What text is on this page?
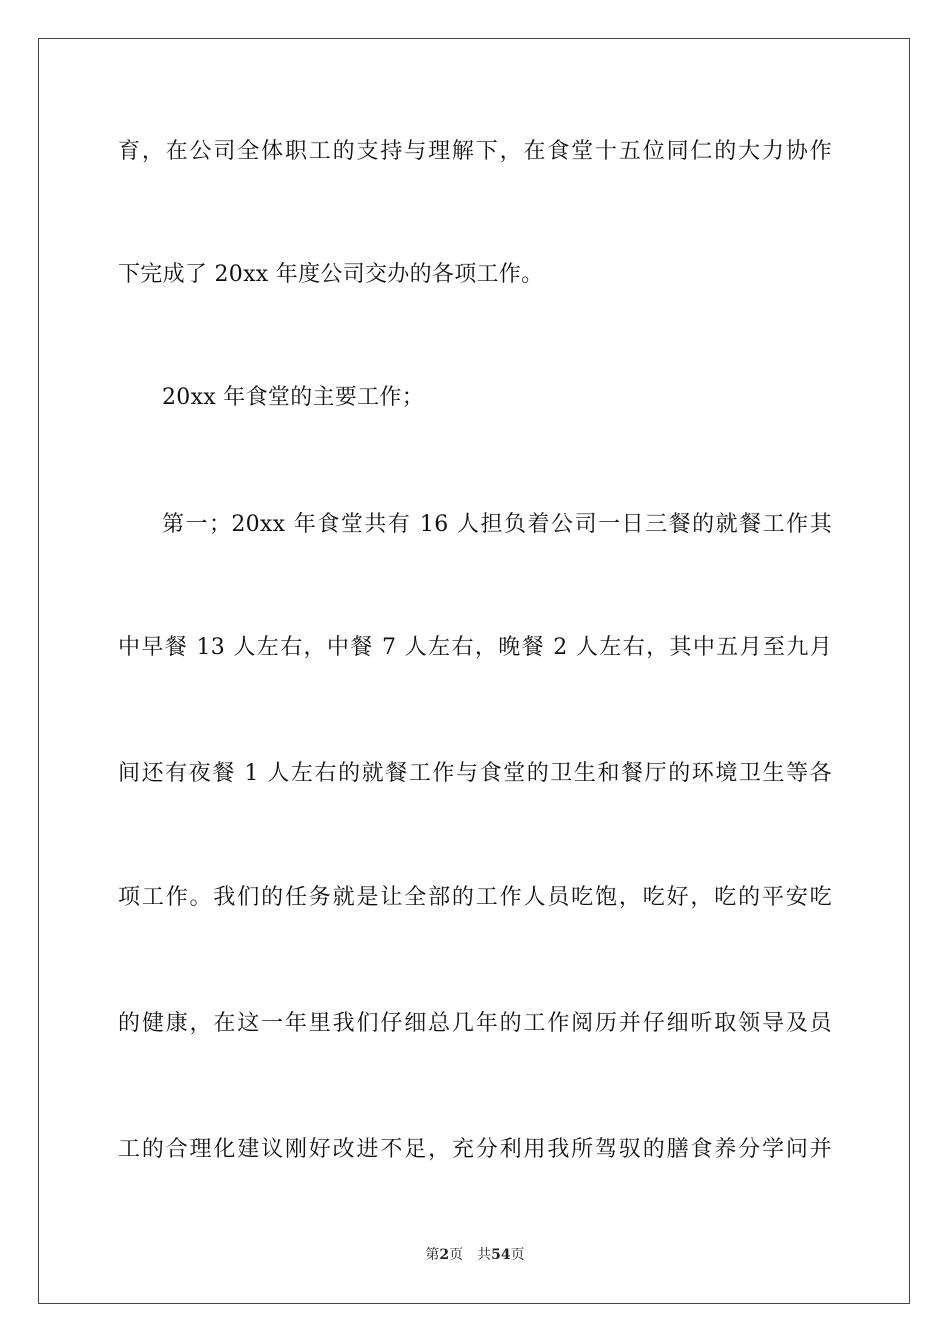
育，在公司全体职工的支持与理解下，在食堂十五位同仁的大力协作
下完成了 20xx 年度公司交办的各项工作。
20xx 年食堂的主要工作；
第一；20xx 年食堂共有 16 人担负着公司一日三餐的就餐工作其
中早餐 13 人左右，中餐 7 人左右，晚餐 2 人左右，其中五月至九月
间还有夜餐 1 人左右的就餐工作与食堂的卫生和餐厅的环境卫生等各
项工作。我们的任务就是让全部的工作人员吃饱，吃好，吃的平安吃
的健康，在这一年里我们仔细总几年的工作阅历并仔细听取领导及员
工的合理化建议刚好改进不足，充分利用我所驾驭的膳食养分学问并
第2页 共54页
